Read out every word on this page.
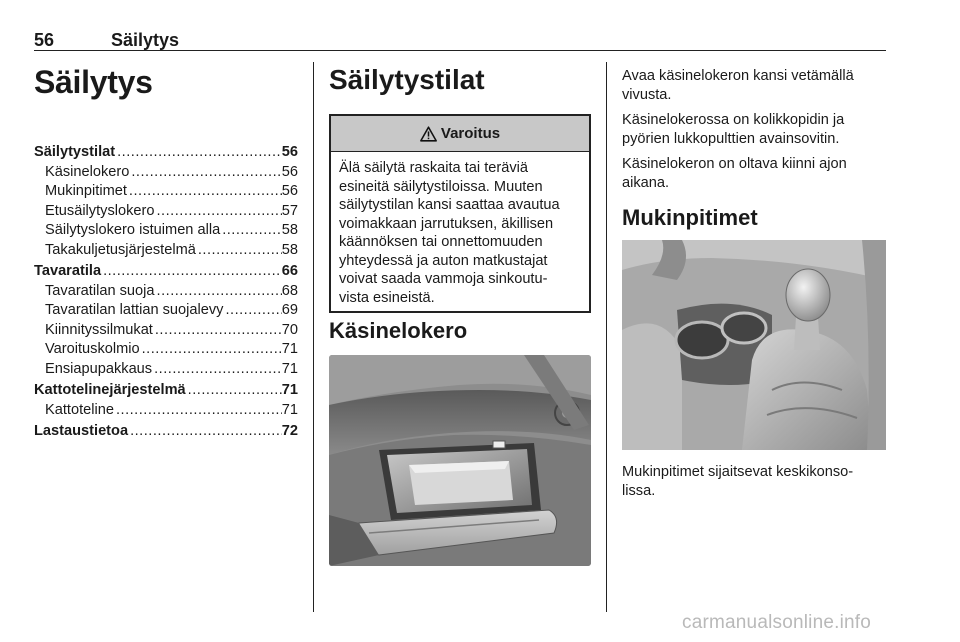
56	Säilytys
Säilytys
Säilytystilat .....	56
Käsinelokero .....	56
Mukinpitimet .....	56
Etusäilytyslokero .....	57
Säilytyslokero istuimen alla .....	58
Takakuljetusjärjestelmä .....	58
Tavaratila .....	66
Tavaratilan suoja .....	68
Tavaratilan lattian suojalevy .....	69
Kiinnityssilmukat .....	70
Varoituskolmio .....	71
Ensiapupakkaus .....	71
Kattotelinejärjestelmä .....	71
Kattoteline .....	71
Lastaustietoa .....	72
Säilytystilat
Varoitus
Älä säilytä raskaita tai teräviä
esineitä säilytystiloissa. Muuten
säilytystilan kansi saattaa avautua
voimakkaan jarrutuksen, äkillisen
käännöksen tai onnettomuuden
yhteydessä ja auton matkustajat
voivat saada vammoja sinkoutu-
vista esineistä.
Käsinelokero

Avaa käsinelokeron kansi vetämällä
vivusta.

Käsinelokerossa on kolikkopidin ja
pyörien lukkopulttien avainsovitin.

Käsinelokeron on oltava kiinni ajon
aikana.

Mukinpitimet
Mukinpitimet sijaitsevat keskikonso-
lissa.
carmanualsonline.info
